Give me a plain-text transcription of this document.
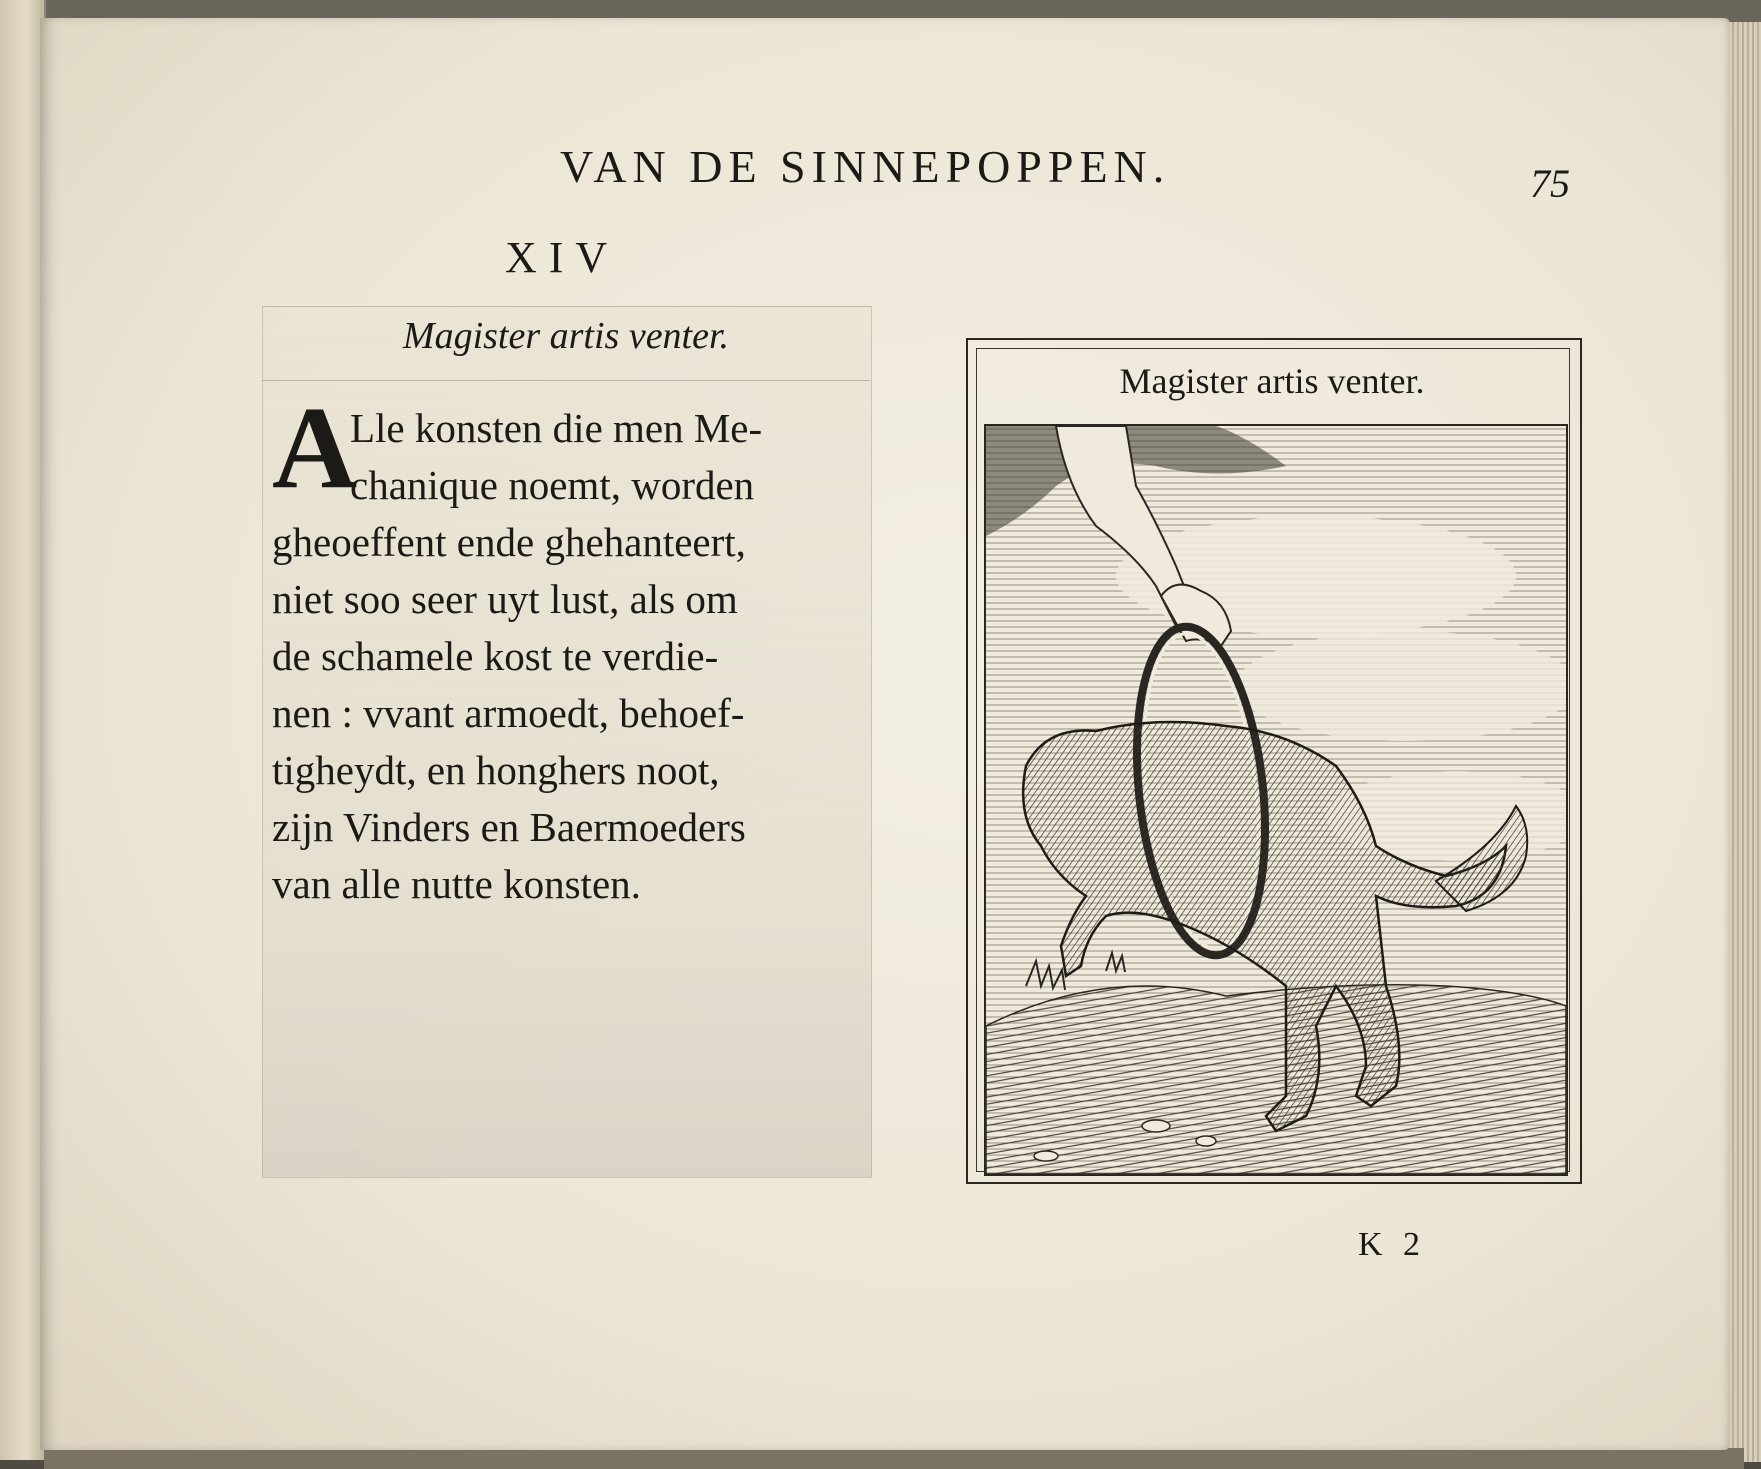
VAN DE SINNEPOPPEN.	75
XIV
Magister artis venter.
A
Lle konsten die men Me-
chanique noemt, worden
gheoeffent ende ghehanteert,
niet soo seer uyt lust, als om
de schamele kost te verdie-
nen : vvant armoedt, behoef-
tigheydt, en honghers noot,
zijn Vinders en Baermoeders
van alle nutte konsten.
Magister artis venter.
K 2
